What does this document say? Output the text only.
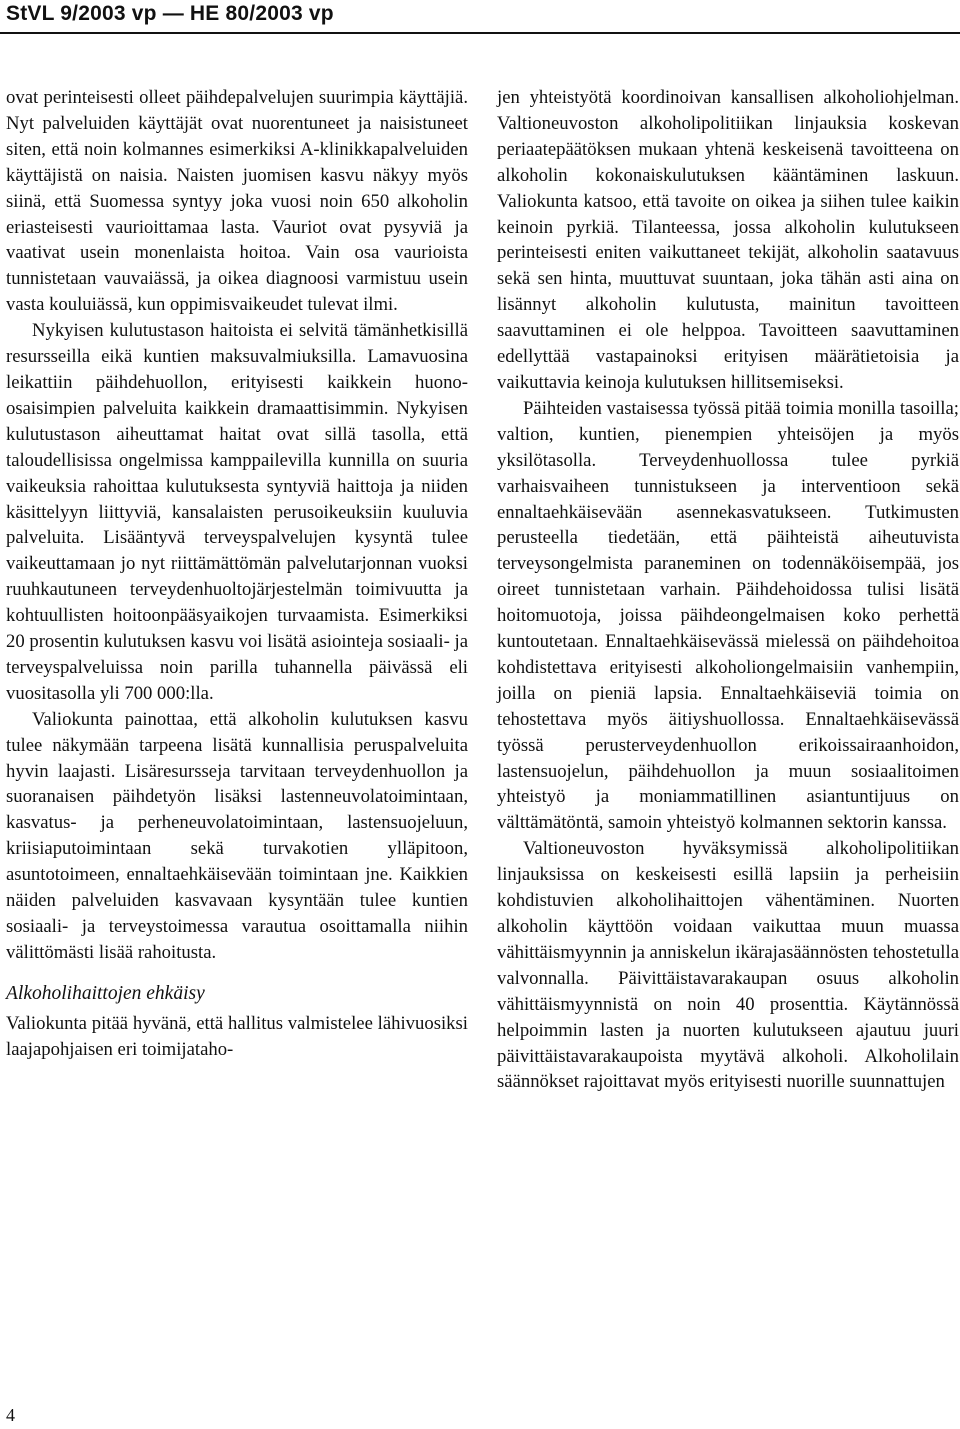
StVL 9/2003 vp — HE 80/2003 vp

ovat perinteisesti olleet päihdepalvelujen suurimpia käyttäjiä. Nyt palveluiden käyttäjät ovat nuorentuneet ja naisistuneet siten, että noin kolmannes esimerkiksi A-klinikkapalveluiden käyttäjistä on naisia. Naisten juomisen kasvu näkyy myös siinä, että Suomessa syntyy joka vuosi noin 650 alkoholin eriasteisesti vaurioittamaa lasta. Vauriot ovat pysyviä ja vaativat usein monenlaista hoitoa. Vain osa vaurioista tunnistetaan vauvaiässä, ja oikea diagnoosi varmistuu usein vasta kouluiässä, kun oppimisvaikeudet tulevat ilmi.

Nykyisen kulutustason haitoista ei selvitä tämänhetkisillä resursseilla eikä kuntien maksuvalmiuksilla. Lamavuosina leikattiin päihdehuollon, erityisesti kaikkein huono-osaisimpien palveluita kaikkein dramaattisimmin. Nykyisen kulutustason aiheuttamat haitat ovat sillä tasolla, että taloudellisissa ongelmissa kamppailevilla kunnilla on suuria vaikeuksia rahoittaa kulutuksesta syntyviä haittoja ja niiden käsittelyyn liittyviä, kansalaisten perusoikeuksiin kuuluvia palveluita. Lisääntyvä terveyspalvelujen kysyntä tulee vaikeuttamaan jo nyt riittämättömän palvelutarjonnan vuoksi ruuhkautuneen terveydenhuoltojärjestelmän toimivuutta ja kohtuullisten hoitoonpääsyaikojen turvaamista. Esimerkiksi 20 prosentin kulutuksen kasvu voi lisätä asiointeja sosiaali- ja terveyspalveluissa noin parilla tuhannella päivässä eli vuositasolla yli 700 000:lla.

Valiokunta painottaa, että alkoholin kulutuksen kasvu tulee näkymään tarpeena lisätä kunnallisia peruspalveluita hyvin laajasti. Lisäresursseja tarvitaan terveydenhuollon ja suoranaisen päihdetyön lisäksi lastenneuvolatoimintaan, kasvatus- ja perheneuvolatoimintaan, lastensuojeluun, kriisiaputoimintaan sekä turvakotien ylläpitoon, asuntotoimeen, ennaltaehkäisevään toimintaan jne. Kaikkien näiden palveluiden kasvavaan kysyntään tulee kuntien sosiaali- ja terveystoimessa varautua osoittamalla niihin välittömästi lisää rahoitusta.

Alkoholihaittojen ehkäisy

Valiokunta pitää hyvänä, että hallitus valmistelee lähivuosiksi laajapohjaisen eri toimijataho-

jen yhteistyötä koordinoivan kansallisen alkoholiohjelman. Valtioneuvoston alkoholipolitiikan linjauksia koskevan periaatepäätöksen mukaan yhtenä keskeisenä tavoitteena on alkoholin kokonaiskulutuksen kääntäminen laskuun. Valiokunta katsoo, että tavoite on oikea ja siihen tulee kaikin keinoin pyrkiä. Tilanteessa, jossa alkoholin kulutukseen perinteisesti eniten vaikuttaneet tekijät, alkoholin saatavuus sekä sen hinta, muuttuvat suuntaan, joka tähän asti aina on lisännyt alkoholin kulutusta, mainitun tavoitteen saavuttaminen ei ole helppoa. Tavoitteen saavuttaminen edellyttää vastapainoksi erityisen määrätietoisia ja vaikuttavia keinoja kulutuksen hillitsemiseksi.

Päihteiden vastaisessa työssä pitää toimia monilla tasoilla; valtion, kuntien, pienempien yhteisöjen ja myös yksilötasolla. Terveydenhuollossa tulee pyrkiä varhaisvaiheen tunnistukseen ja interventioon sekä ennaltaehkäisevään asennekasvatukseen. Tutkimusten perusteella tiedetään, että päihteistä aiheutuvista terveysongelmista paraneminen on todennäköisempää, jos oireet tunnistetaan varhain. Päihdehoidossa tulisi lisätä hoitomuotoja, joissa päihdeongelmaisen koko perhettä kuntoutetaan. Ennaltaehkäisevässä mielessä on päihdehoitoa kohdistettava erityisesti alkoholiongelmaisiin vanhempiin, joilla on pieniä lapsia. Ennaltaehkäiseviä toimia on tehostettava myös äitiyshuollossa. Ennaltaehkäisevässä työssä perusterveydenhuollon erikoissairaanhoidon, lastensuojelun, päihdehuollon ja muun sosiaalitoimen yhteistyö ja moniammatillinen asiantuntijuus on välttämätöntä, samoin yhteistyö kolmannen sektorin kanssa.

Valtioneuvoston hyväksymissä alkoholipolitiikan linjauksissa on keskeisesti esillä lapsiin ja perheisiin kohdistuvien alkoholihaittojen vähentäminen. Nuorten alkoholin käyttöön voidaan vaikuttaa muun muassa vähittäismyynnin ja anniskelun ikärajasäännösten tehostetulla valvonnalla. Päivittäistavarakaupan osuus alkoholin vähittäismyynnistä on noin 40 prosenttia. Käytännössä helpoimmin lasten ja nuorten kulutukseen ajautuu juuri päivittäistavarakaupoista myytävä alkoholi. Alkoholilain säännökset rajoittavat myös erityisesti nuorille suunnattujen

4
